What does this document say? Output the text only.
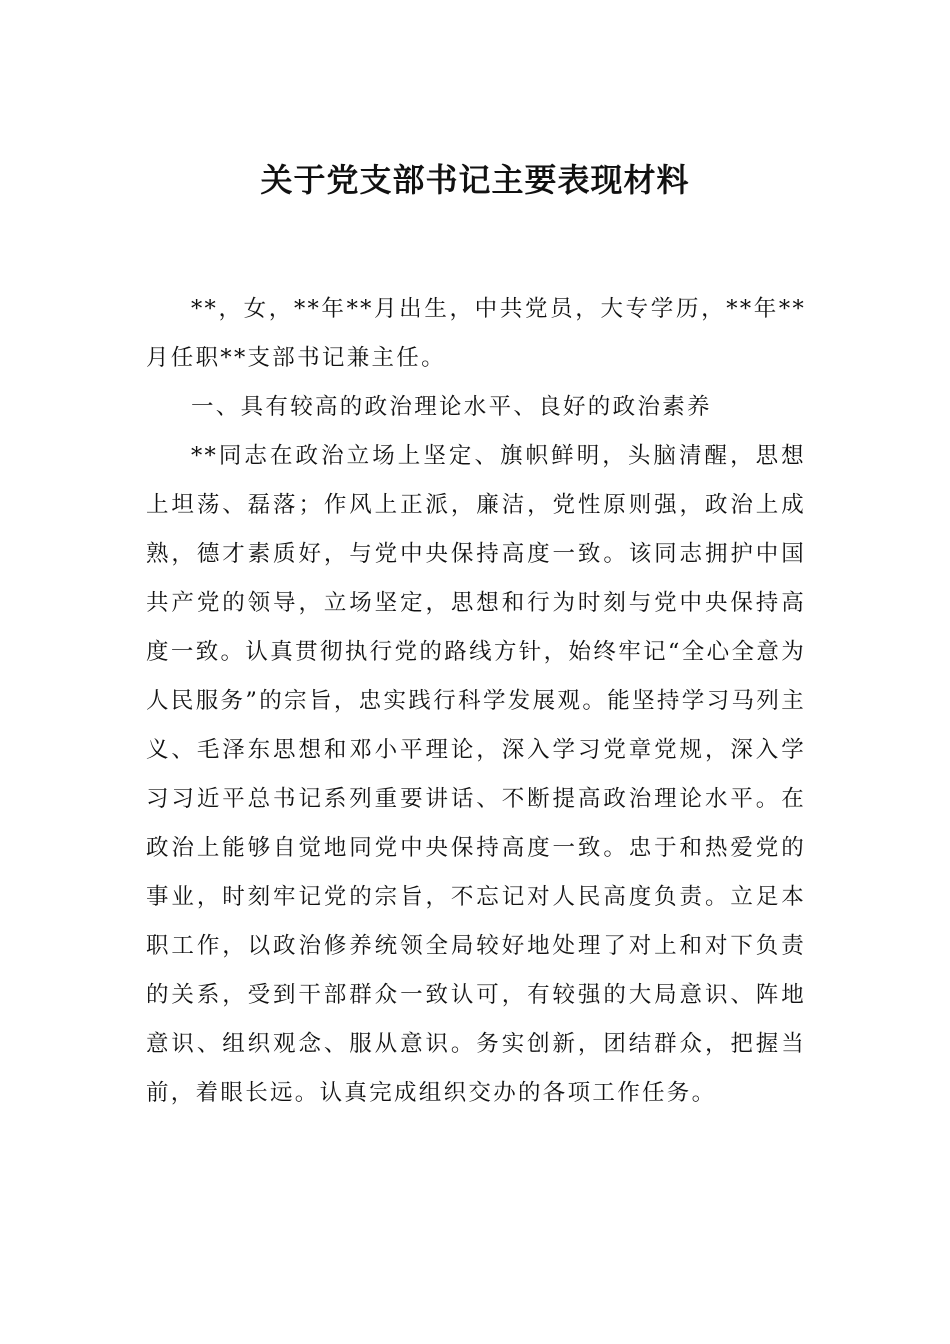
关于党支部书记主要表现材料

**，女，**年**月出生，中共党员，大专学历，**年**月任职**支部书记兼主任。

一、具有较高的政治理论水平、良好的政治素养

**同志在政治立场上坚定、旗帜鲜明，头脑清醒，思想上坦荡、磊落；作风上正派，廉洁，党性原则强，政治上成熟，德才素质好，与党中央保持高度一致。该同志拥护中国共产党的领导，立场坚定，思想和行为时刻与党中央保持高度一致。认真贯彻执行党的路线方针，始终牢记“全心全意为人民服务”的宗旨，忠实践行科学发展观。能坚持学习马列主义、毛泽东思想和邓小平理论，深入学习党章党规，深入学习习近平总书记系列重要讲话、不断提高政治理论水平。在政治上能够自觉地同党中央保持高度一致。忠于和热爱党的事业，时刻牢记党的宗旨，不忘记对人民高度负责。立足本职工作，以政治修养统领全局较好地处理了对上和对下负责的关系，受到干部群众一致认可，有较强的大局意识、阵地意识、组织观念、服从意识。务实创新，团结群众，把握当前，着眼长远。认真完成组织交办的各项工作任务。
